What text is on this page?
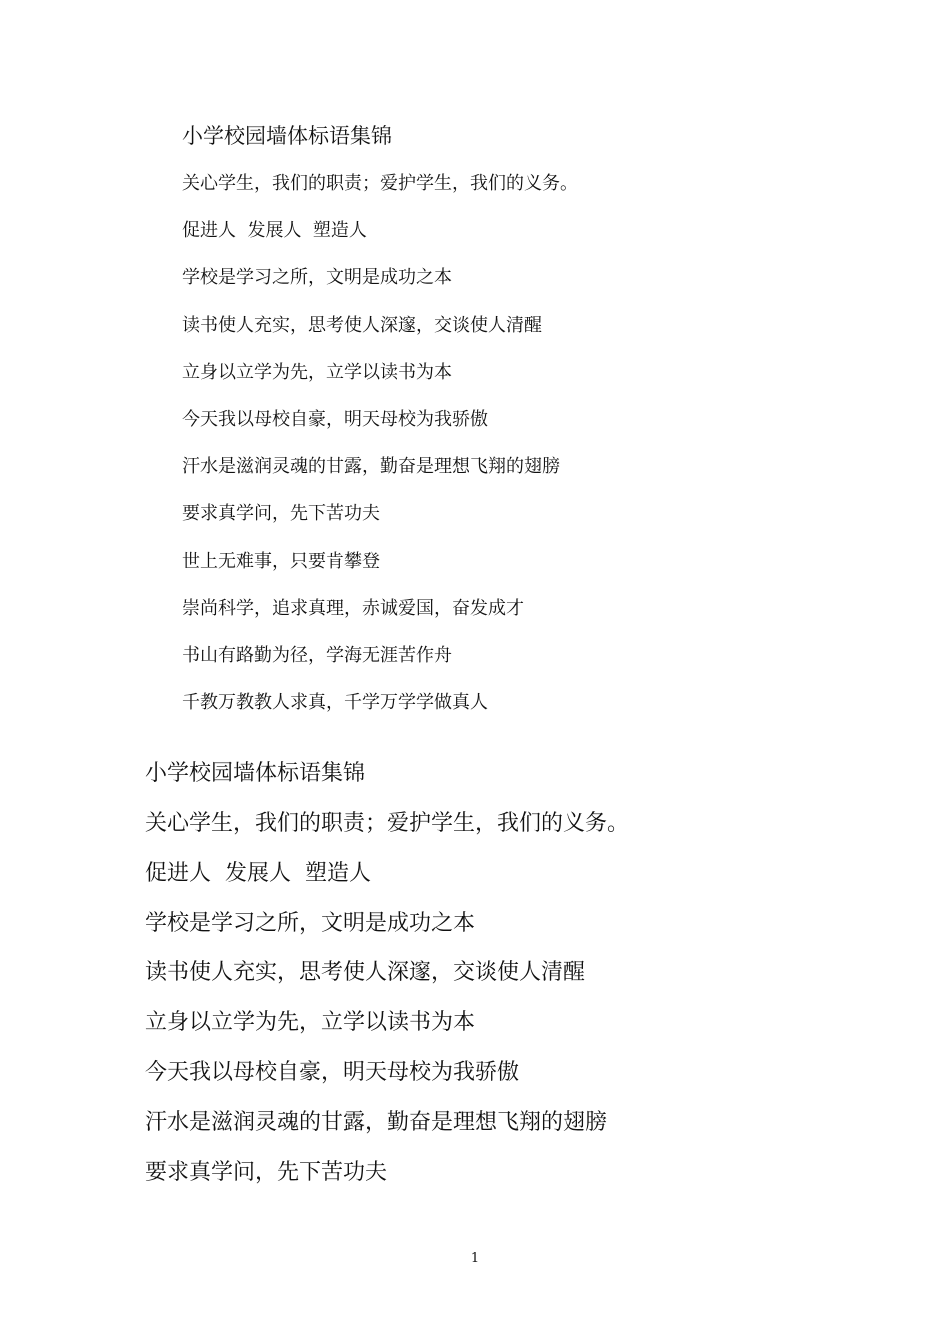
小学校园墙体标语集锦
关心学生，我们的职责；爱护学生，我们的义务。
促进人  发展人  塑造人
学校是学习之所，文明是成功之本
读书使人充实，思考使人深邃，交谈使人清醒
立身以立学为先，立学以读书为本
今天我以母校自豪，明天母校为我骄傲
汗水是滋润灵魂的甘露，勤奋是理想飞翔的翅膀
要求真学问，先下苦功夫
世上无难事，只要肯攀登
崇尚科学，追求真理，赤诚爱国，奋发成才
书山有路勤为径，学海无涯苦作舟
千教万教教人求真，千学万学学做真人
小学校园墙体标语集锦
关心学生，我们的职责；爱护学生，我们的义务。
促进人  发展人  塑造人
学校是学习之所，文明是成功之本
读书使人充实，思考使人深邃，交谈使人清醒
立身以立学为先，立学以读书为本
今天我以母校自豪，明天母校为我骄傲
汗水是滋润灵魂的甘露，勤奋是理想飞翔的翅膀
要求真学问，先下苦功夫
1
